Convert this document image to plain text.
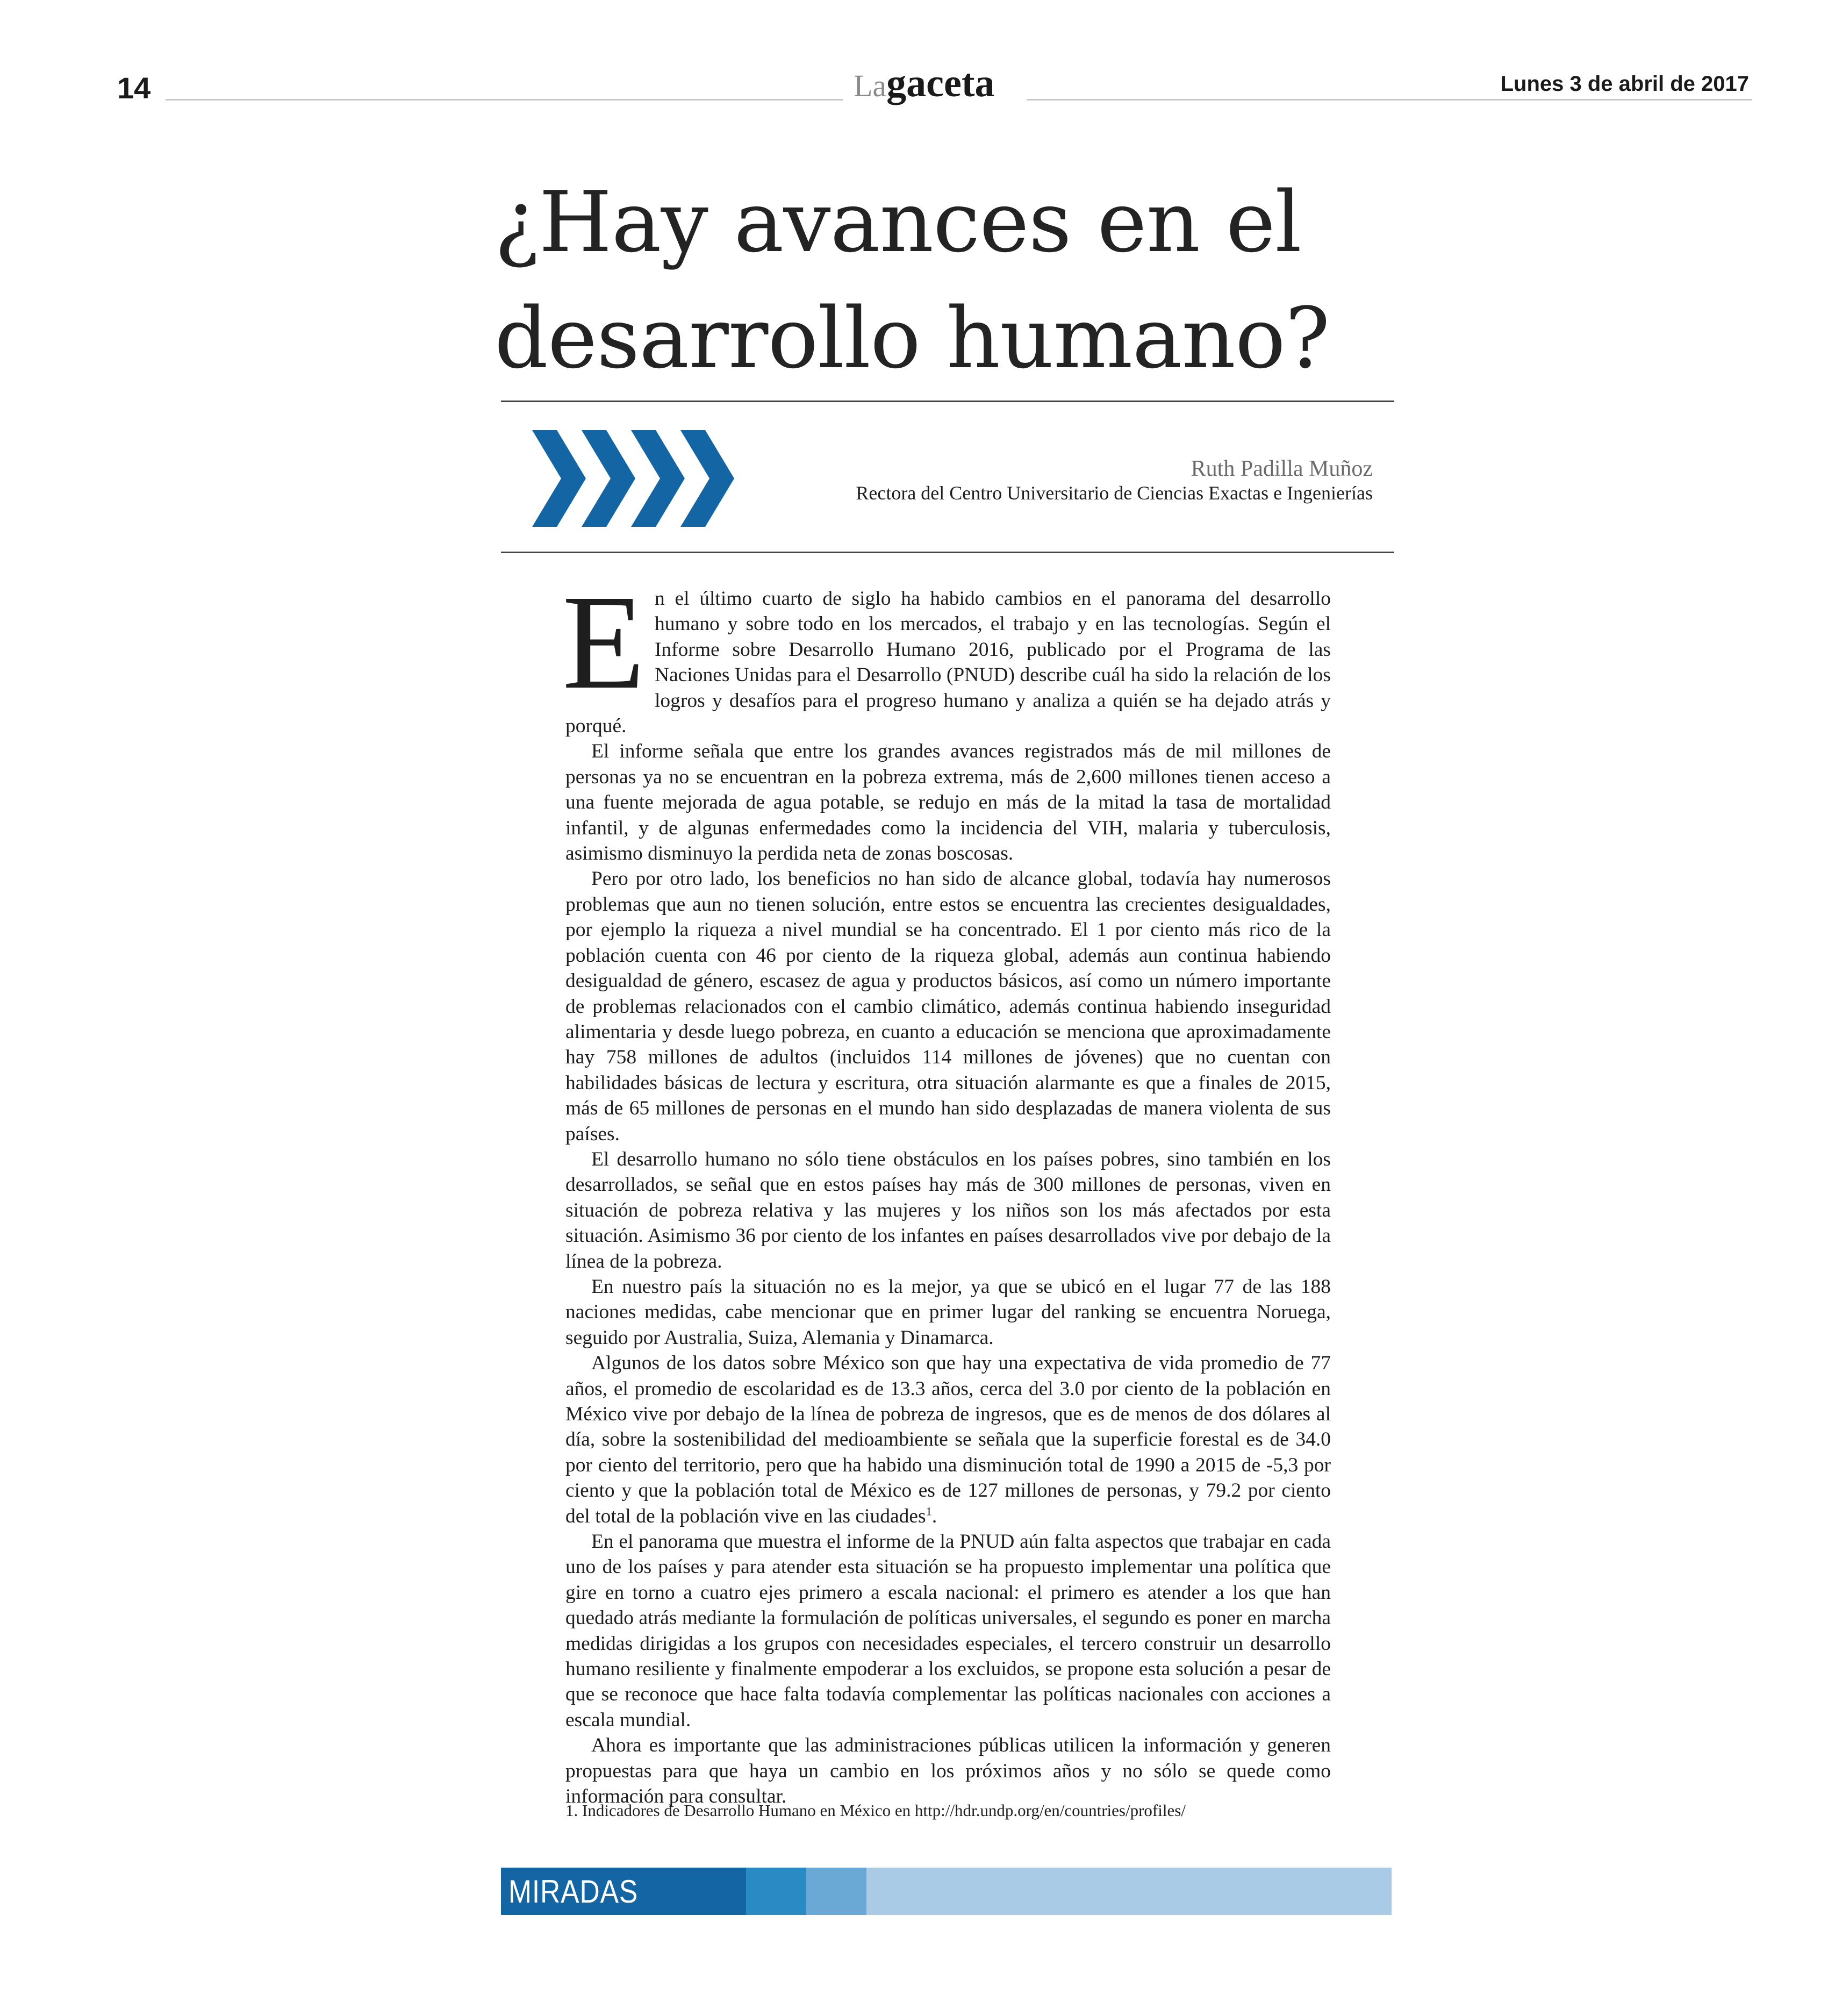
14	Lagaceta	Lunes 3 de abril de 2017
¿Hay avances en el
desarrollo humano?
Ruth Padilla Muñoz
Rectora del Centro Universitario de Ciencias Exactas e Ingenierías

En el último cuarto de siglo ha habido cambios en el panorama del desarrollo humano y sobre todo en los mercados, el trabajo y en las tecnologías. Según el Informe sobre Desarrollo Humano 2016, publicado por el Programa de las Naciones Unidas para el Desarrollo (PNUD) describe cuál ha sido la relación de los logros y desafíos para el progreso humano y analiza a quién se ha dejado atrás y porqué.

El informe señala que entre los grandes avances registrados más de mil millones de personas ya no se encuentran en la pobreza extrema, más de 2,600 millones tienen acceso a una fuente mejorada de agua potable, se redujo en más de la mitad la tasa de mortalidad infantil, y de algunas enfermedades como la incidencia del VIH, malaria y tuberculosis, asimismo disminuyo la perdida neta de zonas boscosas.

Pero por otro lado, los beneficios no han sido de alcance global, todavía hay numerosos problemas que aun no tienen solución, entre estos se encuentra las crecientes desigualdades, por ejemplo la riqueza a nivel mundial se ha concentrado. El 1 por ciento más rico de la población cuenta con 46 por ciento de la riqueza global, además aun continua habiendo desigualdad de género, escasez de agua y productos básicos, así como un número importante de problemas relacionados con el cambio climático, además continua habiendo inseguridad alimentaria y desde luego pobreza, en cuanto a educación se menciona que aproximadamente hay 758 millones de adultos (incluidos 114 millones de jóvenes) que no cuentan con habilidades básicas de lectura y escritura, otra situación alarmante es que a finales de 2015, más de 65 millones de personas en el mundo han sido desplazadas de manera violenta de sus países.

El desarrollo humano no sólo tiene obstáculos en los países pobres, sino también en los desarrollados, se señal que en estos países hay más de 300 millones de personas, viven en situación de pobreza relativa y las mujeres y los niños son los más afectados por esta situación. Asimismo 36 por ciento de los infantes en países desarrollados vive por debajo de la línea de la pobreza.

En nuestro país la situación no es la mejor, ya que se ubicó en el lugar 77 de las 188 naciones medidas, cabe mencionar que en primer lugar del ranking se encuentra Noruega, seguido por Australia, Suiza, Alemania y Dinamarca.

Algunos de los datos sobre México son que hay una expectativa de vida promedio de 77 años, el promedio de escolaridad es de 13.3 años, cerca del 3.0 por ciento de la población en México vive por debajo de la línea de pobreza de ingresos, que es de menos de dos dólares al día, sobre la sostenibilidad del medioambiente se señala que la superficie forestal es de 34.0 por ciento del territorio, pero que ha habido una disminución total de 1990 a 2015 de -5,3 por ciento y que la población total de México es de 127 millones de personas, y 79.2 por ciento del total de la población vive en las ciudades$^1$.

En el panorama que muestra el informe de la PNUD aún falta aspectos que trabajar en cada uno de los países y para atender esta situación se ha propuesto implementar una política que gire en torno a cuatro ejes primero a escala nacional: el primero es atender a los que han quedado atrás mediante la formulación de políticas universales, el segundo es poner en marcha medidas dirigidas a los grupos con necesidades especiales, el tercero construir un desarrollo humano resiliente y finalmente empoderar a los excluidos, se propone esta solución a pesar de que se reconoce que hace falta todavía complementar las políticas nacionales con acciones a escala mundial.

Ahora es importante que las administraciones públicas utilicen la información y generen propuestas para que haya un cambio en los próximos años y no sólo se quede como información para consultar.

1. Indicadores de Desarrollo Humano en México en http://hdr.undp.org/en/countries/profiles/
MIRADAS
